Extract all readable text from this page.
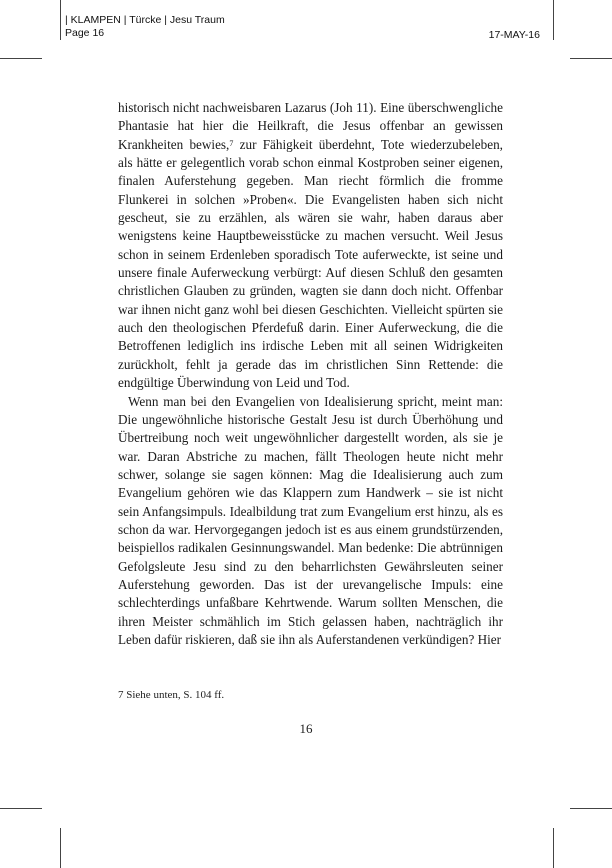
| KLAMPEN | Türcke | Jesu Traum
Page 16	17-MAY-16

historisch nicht nachweisbaren Lazarus (Joh 11). Eine überschwengliche Phantasie hat hier die Heilkraft, die Jesus offenbar an gewissen Krankheiten bewies,$^7$ zur Fähigkeit überdehnt, Tote wiederzubeleben, als hätte er gelegentlich vorab schon einmal Kostproben seiner eigenen, finalen Auferstehung gegeben. Man riecht förmlich die fromme Flunkerei in solchen »Proben«. Die Evangelisten haben sich nicht gescheut, sie zu erzählen, als wären sie wahr, haben daraus aber wenigstens keine Hauptbeweisstücke zu machen versucht. Weil Jesus schon in seinem Erdenleben sporadisch Tote auferweckte, ist seine und unsere finale Auferweckung verbürgt: Auf diesen Schluß den gesamten christlichen Glauben zu gründen, wagten sie dann doch nicht. Offenbar war ihnen nicht ganz wohl bei diesen Geschichten. Vielleicht spürten sie auch den theologischen Pferdefuß darin. Einer Auferweckung, die die Betroffenen lediglich ins irdische Leben mit all seinen Widrigkeiten zurückholt, fehlt ja gerade das im christlichen Sinn Rettende: die endgültige Überwindung von Leid und Tod.

Wenn man bei den Evangelien von Idealisierung spricht, meint man: Die ungewöhnliche historische Gestalt Jesu ist durch Überhöhung und Übertreibung noch weit ungewöhnlicher dargestellt worden, als sie je war. Daran Abstriche zu machen, fällt Theologen heute nicht mehr schwer, solange sie sagen können: Mag die Idealisierung auch zum Evangelium gehören wie das Klappern zum Handwerk – sie ist nicht sein Anfangsimpuls. Idealbildung trat zum Evangelium erst hinzu, als es schon da war. Hervorgegangen jedoch ist es aus einem grundstürzenden, beispiellos radikalen Gesinnungswandel. Man bedenke: Die abtrünnigen Gefolgsleute Jesu sind zu den beharrlichsten Gewährsleuten seiner Auferstehung geworden. Das ist der urevangelische Impuls: eine schlechterdings unfaßbare Kehrtwende. Warum sollten Menschen, die ihren Meister schmählich im Stich gelassen haben, nachträglich ihr Leben dafür riskieren, daß sie ihn als Auferstandenen verkündigen? Hier

7 Siehe unten, S. 104 ff.
16
